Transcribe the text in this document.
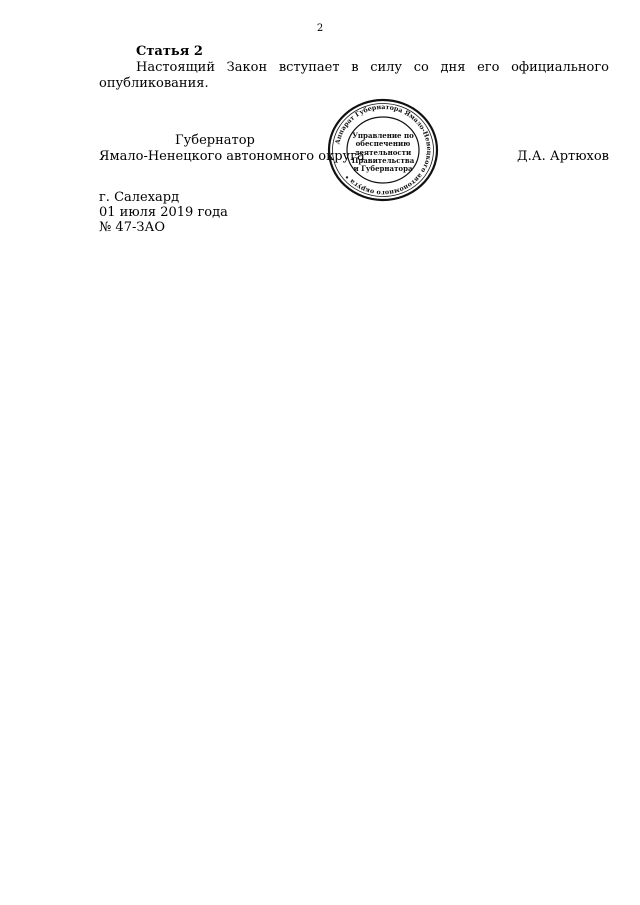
2
Статья 2
Настоящий Закон вступает в силу со дня его официального опубликования.
Губернатор
Ямало-Ненецкого автономного округа
Аппарат Губернатора Ямало-Ненецкого автономного округа •
Управление по
обеспечению
деятельности
Правительства
и Губернатора
Д.А. Артюхов
г. Салехард
01 июля 2019 года
№ 47-ЗАО
